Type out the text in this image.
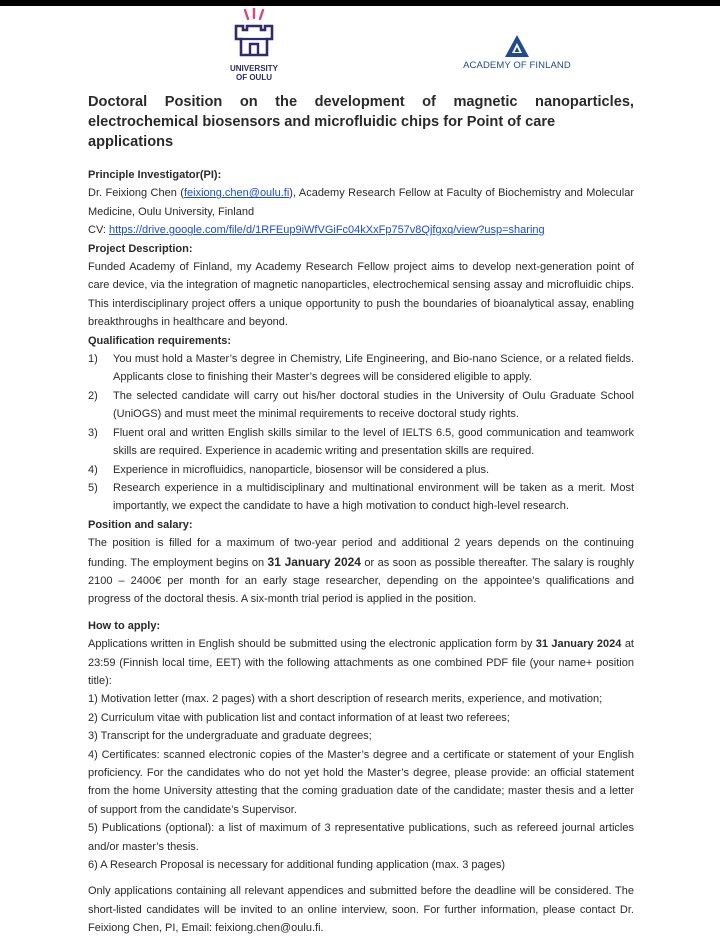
UNIVERSITY
OF OULU
ACADEMY OF FINLAND
Doctoral Position on the development of magnetic nanoparticles,
electrochemical biosensors and microfluidic chips for Point of care applications
Principle Investigator(PI):
Dr. Feixiong Chen (feixiong.chen@oulu.fi), Academy Research Fellow at Faculty of Biochemistry and Molecular Medicine, Oulu University, Finland
CV: https://drive.google.com/file/d/1RFEup9iWfVGiFc04kXxFp757v8Qjfgxq/view?usp=sharing
Project Description:
Funded Academy of Finland, my Academy Research Fellow project aims to develop next-generation point of care device, via the integration of magnetic nanoparticles, electrochemical sensing assay and microfluidic chips. This interdisciplinary project offers a unique opportunity to push the boundaries of bioanalytical assay, enabling breakthroughs in healthcare and beyond.
Qualification requirements:
1) You must hold a Master’s degree in Chemistry, Life Engineering, and Bio-nano Science, or a related fields. Applicants close to finishing their Master’s degrees will be considered eligible to apply.
2) The selected candidate will carry out his/her doctoral studies in the University of Oulu Graduate School (UniOGS) and must meet the minimal requirements to receive doctoral study rights.
3) Fluent oral and written English skills similar to the level of IELTS 6.5, good communication and teamwork skills are required. Experience in academic writing and presentation skills are required.
4) Experience in microfluidics, nanoparticle, biosensor will be considered a plus.
5) Research experience in a multidisciplinary and multinational environment will be taken as a merit. Most importantly, we expect the candidate to have a high motivation to conduct high-level research.
Position and salary:
The position is filled for a maximum of two-year period and additional 2 years depends on the continuing funding. The employment begins on 31 January 2024 or as soon as possible thereafter. The salary is roughly 2100 – 2400€ per month for an early stage researcher, depending on the appointee’s qualifications and progress of the doctoral thesis. A six-month trial period is applied in the position.
How to apply:
Applications written in English should be submitted using the electronic application form by 31 January 2024 at 23:59 (Finnish local time, EET) with the following attachments as one combined PDF file (your name+ position title):
1) Motivation letter (max. 2 pages) with a short description of research merits, experience, and motivation;
2) Curriculum vitae with publication list and contact information of at least two referees;
3) Transcript for the undergraduate and graduate degrees;
4) Certificates: scanned electronic copies of the Master’s degree and a certificate or statement of your English proficiency. For the candidates who do not yet hold the Master’s degree, please provide: an official statement from the home University attesting that the coming graduation date of the candidate; master thesis and a letter of support from the candidate’s Supervisor.
5) Publications (optional): a list of maximum of 3 representative publications, such as refereed journal articles and/or master’s thesis.
6) A Research Proposal is necessary for additional funding application (max. 3 pages)
Only applications containing all relevant appendices and submitted before the deadline will be considered. The short-listed candidates will be invited to an online interview, soon. For further information, please contact Dr. Feixiong Chen, PI, Email: feixiong.chen@oulu.fi.
